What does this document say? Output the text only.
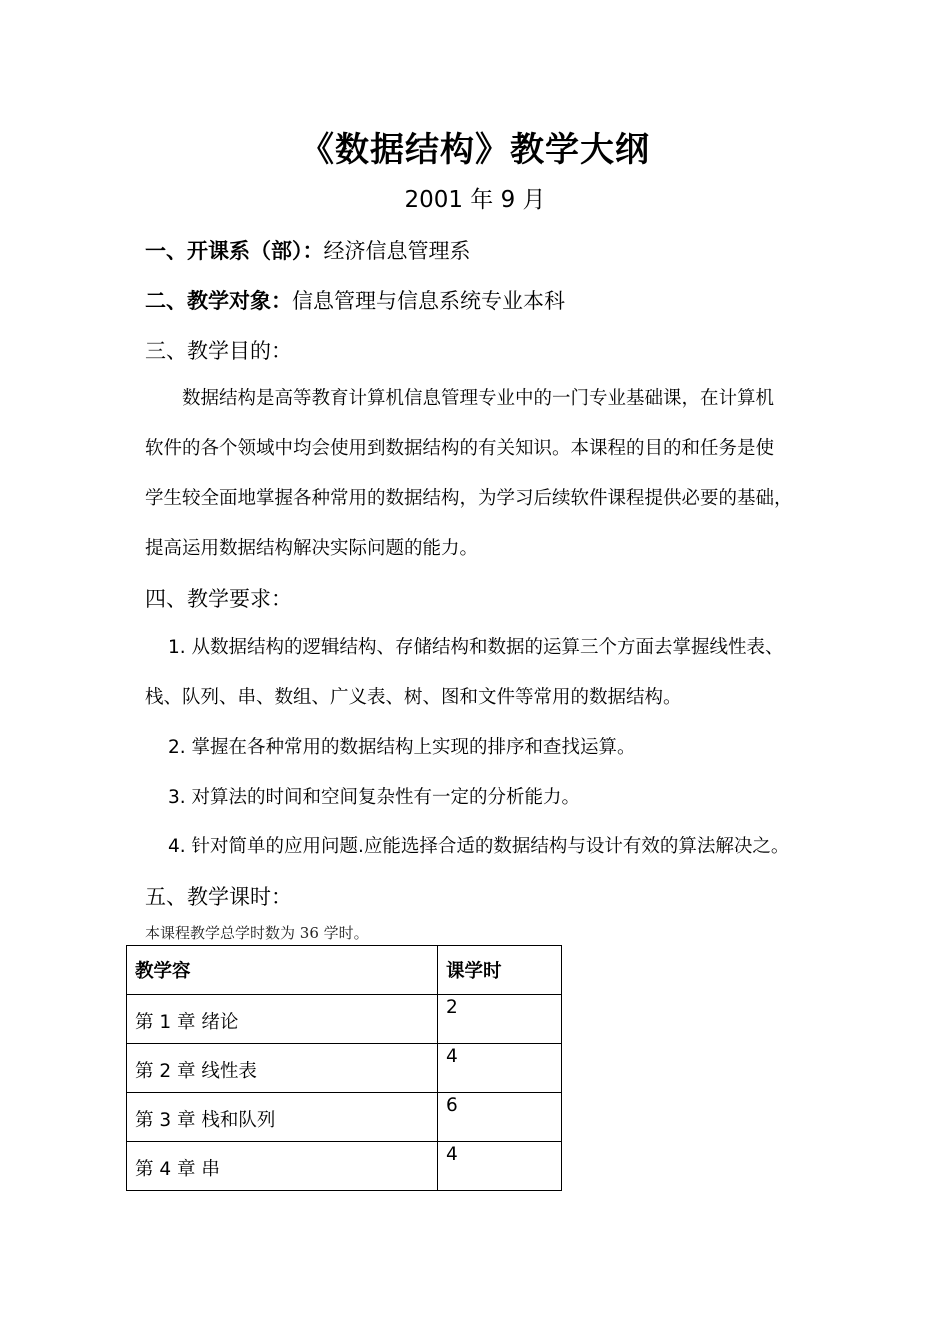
《数据结构》教学大纲
2001 年 9 月
一、开课系（部）：经济信息管理系
二、教学对象：信息管理与信息系统专业本科
三、教学目的：
数据结构是高等教育计算机信息管理专业中的一门专业基础课，在计算机
软件的各个领域中均会使用到数据结构的有关知识。本课程的目的和任务是使
学生较全面地掌握各种常用的数据结构，为学习后续软件课程提供必要的基础，
提高运用数据结构解决实际问题的能力。
四、教学要求：
1. 从数据结构的逻辑结构、存储结构和数据的运算三个方面去掌握线性表、
栈、队列、串、数组、广义表、树、图和文件等常用的数据结构。
2. 掌握在各种常用的数据结构上实现的排序和查找运算。
3. 对算法的时间和空间复杂性有一定的分析能力。
4. 针对简单的应用问题.应能选择合适的数据结构与设计有效的算法解决之。
五、教学课时：
本课程教学总学时数为 36 学时。
教学容	课学时
第 1 章 绪论	2
第 2 章 线性表	4
第 3 章 栈和队列	6
第 4 章 串	4
